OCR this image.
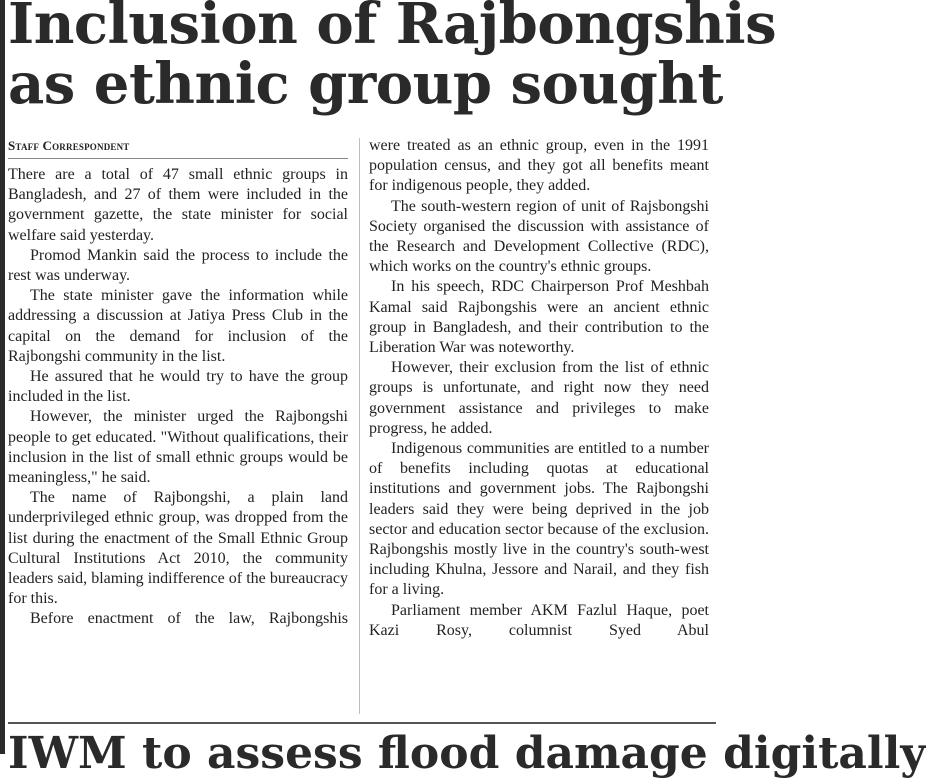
Inclusion of Rajbongshis
as ethnic group sought
Staff Correspondent

There are a total of 47 small ethnic groups in Bangladesh, and 27 of them were included in the government gazette, the state minister for social welfare said yesterday.

Promod Mankin said the process to include the rest was underway.

The state minister gave the information while addressing a discussion at Jatiya Press Club in the capital on the demand for inclusion of the Rajbongshi community in the list.

He assured that he would try to have the group included in the list.

However, the minister urged the Rajbongshi people to get educated. "Without qualifications, their inclusion in the list of small ethnic groups would be meaningless," he said.

The name of Rajbongshi, a plain land underprivileged ethnic group, was dropped from the list during the enactment of the Small Ethnic Group Cultural Institutions Act 2010, the community leaders said, blaming indifference of the bureaucracy for this.

Before enactment of the law, Rajbongshis

were treated as an ethnic group, even in the 1991 population census, and they got all benefits meant for indigenous people, they added.

The south-western region of unit of Rajsbongshi Society organised the discussion with assistance of the Research and Development Collective (RDC), which works on the country's ethnic groups.

In his speech, RDC Chairperson Prof Meshbah Kamal said Rajbongshis were an ancient ethnic group in Bangladesh, and their contribution to the Liberation War was noteworthy.

However, their exclusion from the list of ethnic groups is unfortunate, and right now they need government assistance and privileges to make progress, he added.

Indigenous communities are entitled to a number of benefits including quotas at educational institutions and government jobs. The Rajbongshi leaders said they were being deprived in the job sector and education sector because of the exclusion. Rajbongshis mostly live in the country's south-west including Khulna, Jessore and Narail, and they fish for a living.

Parliament member AKM Fazlul Haque, poet Kazi Rosy, columnist Syed Abul

IWM to assess flood damage digitally
